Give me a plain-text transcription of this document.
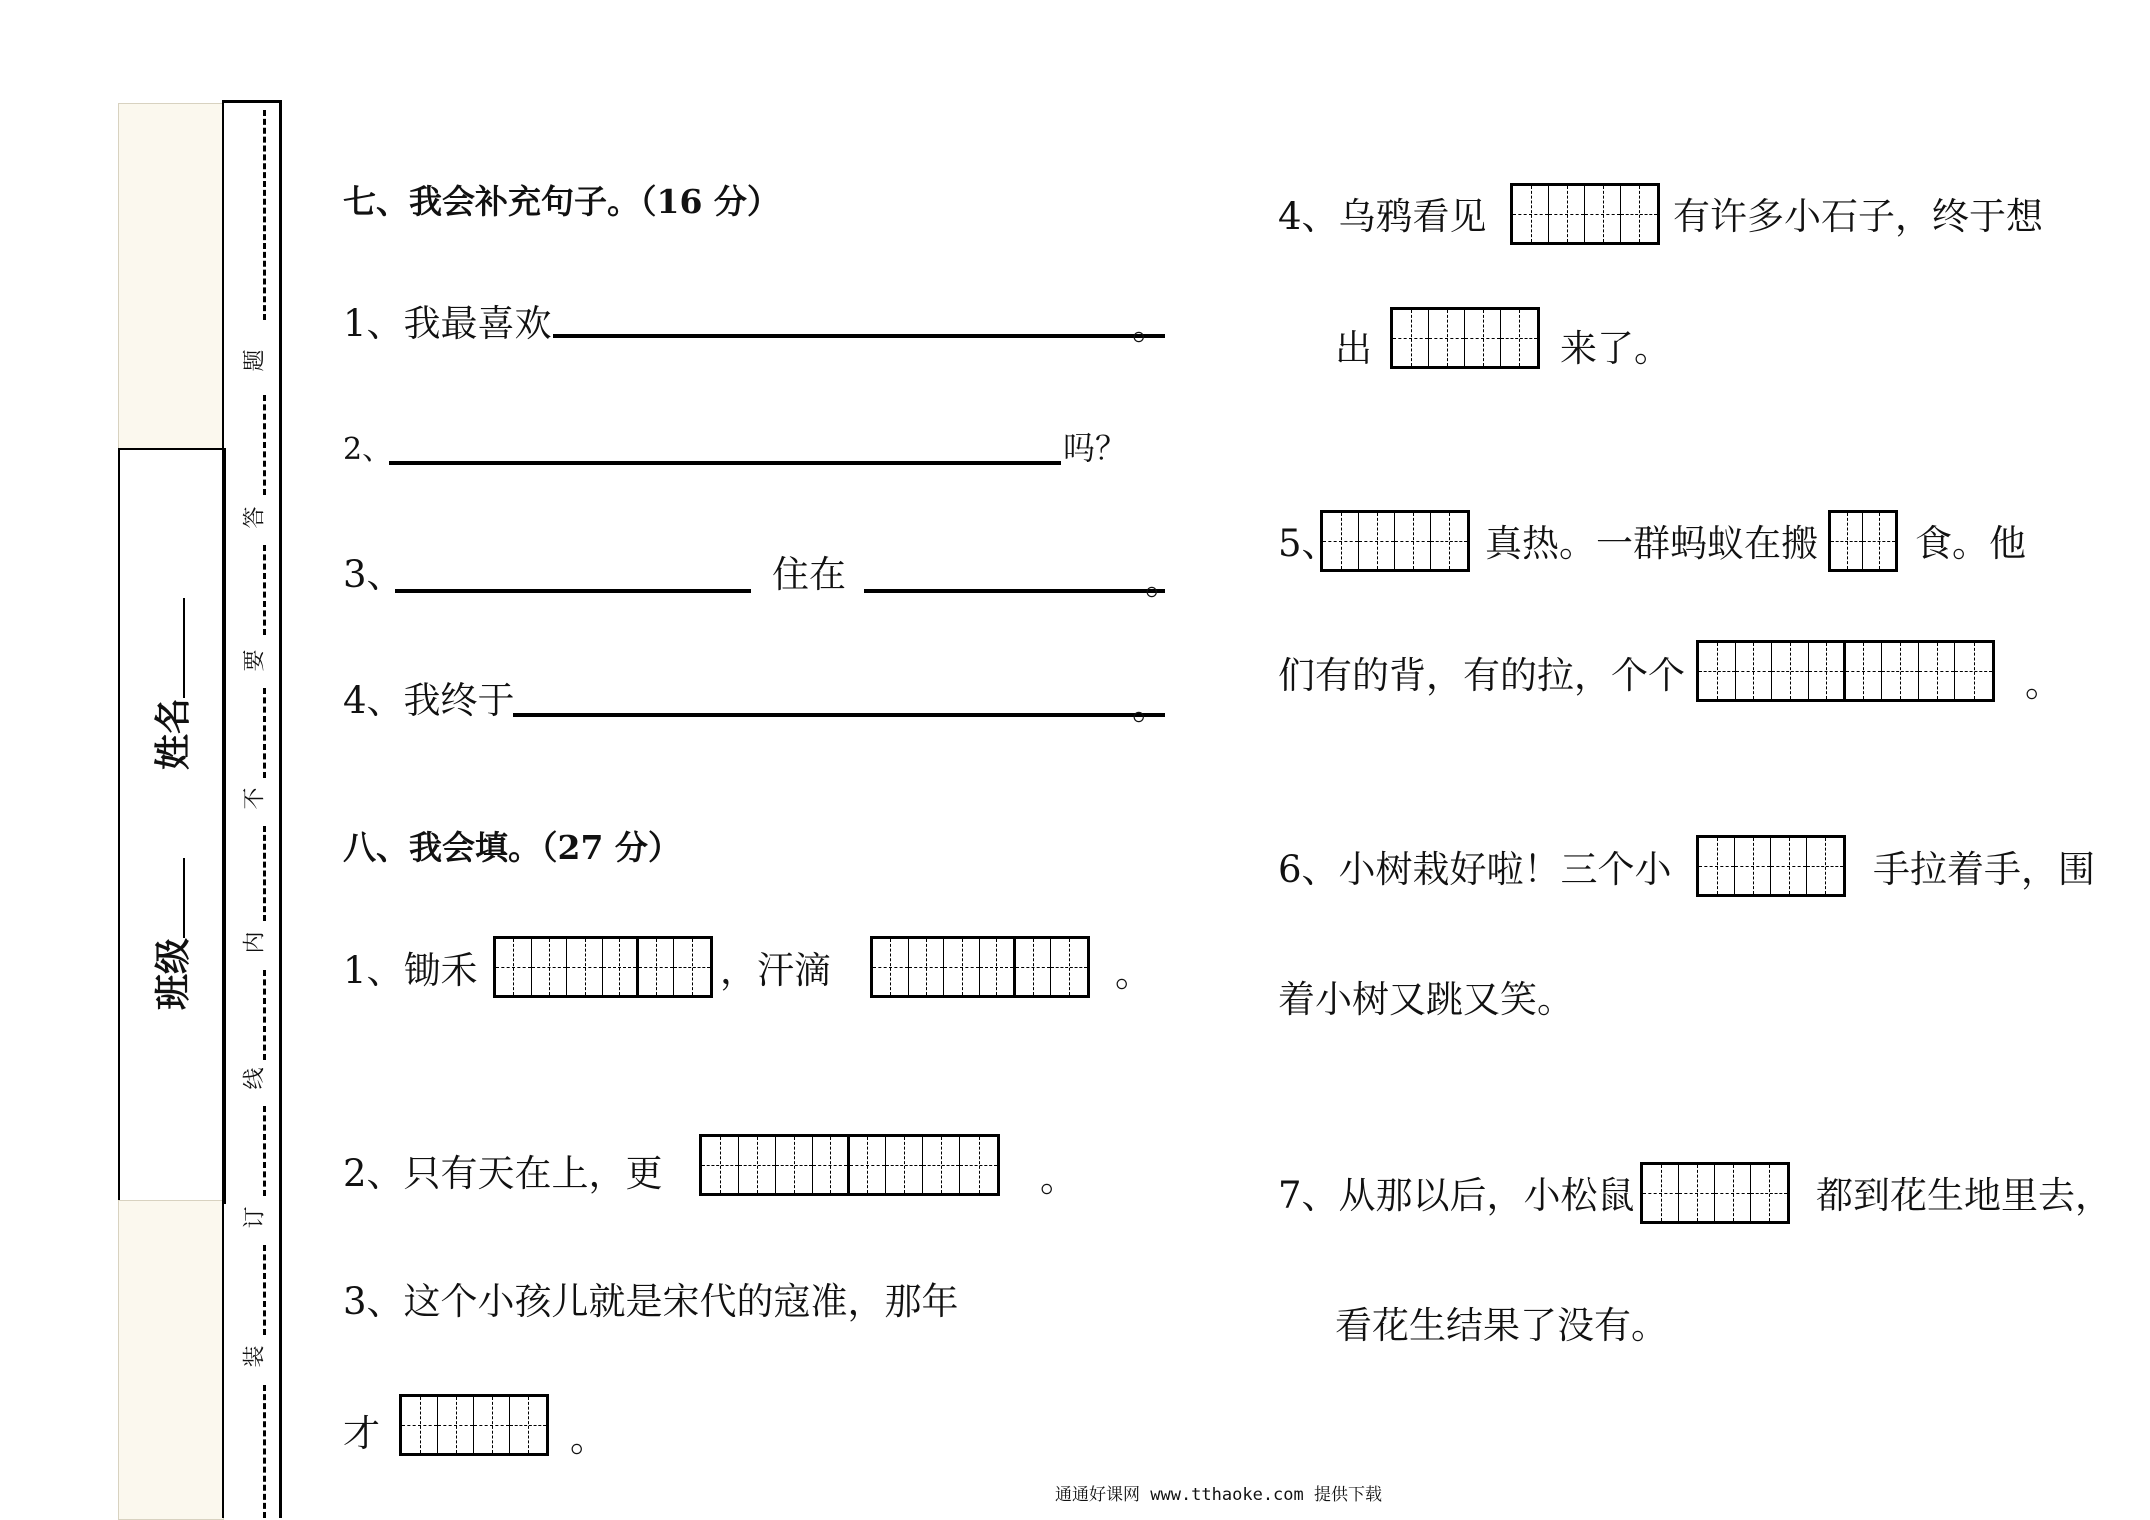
班级
姓名
题
答
要
不
内
线
订
装
七、我会补充句子。（16 分）
1、我最喜欢	。
2、	吗？
3、	住在	。
4、我终于	。
八、我会填。（27 分）
1、锄禾	，汗滴	。
2、只有天在上，更	。
3、这个小孩儿就是宋代的寇准，那年
才	。
4、乌鸦看见	有许多小石子，终于想
出	来了。
5、	真热。一群蚂蚁在搬	食。他
们有的背，有的拉，个个	。
6、小树栽好啦！三个小	手拉着手，围
着小树又跳又笑。
7、从那以后，小松鼠	都到花生地里去，
看花生结果了没有。
通通好课网 www.tthaoke.com 提供下载
